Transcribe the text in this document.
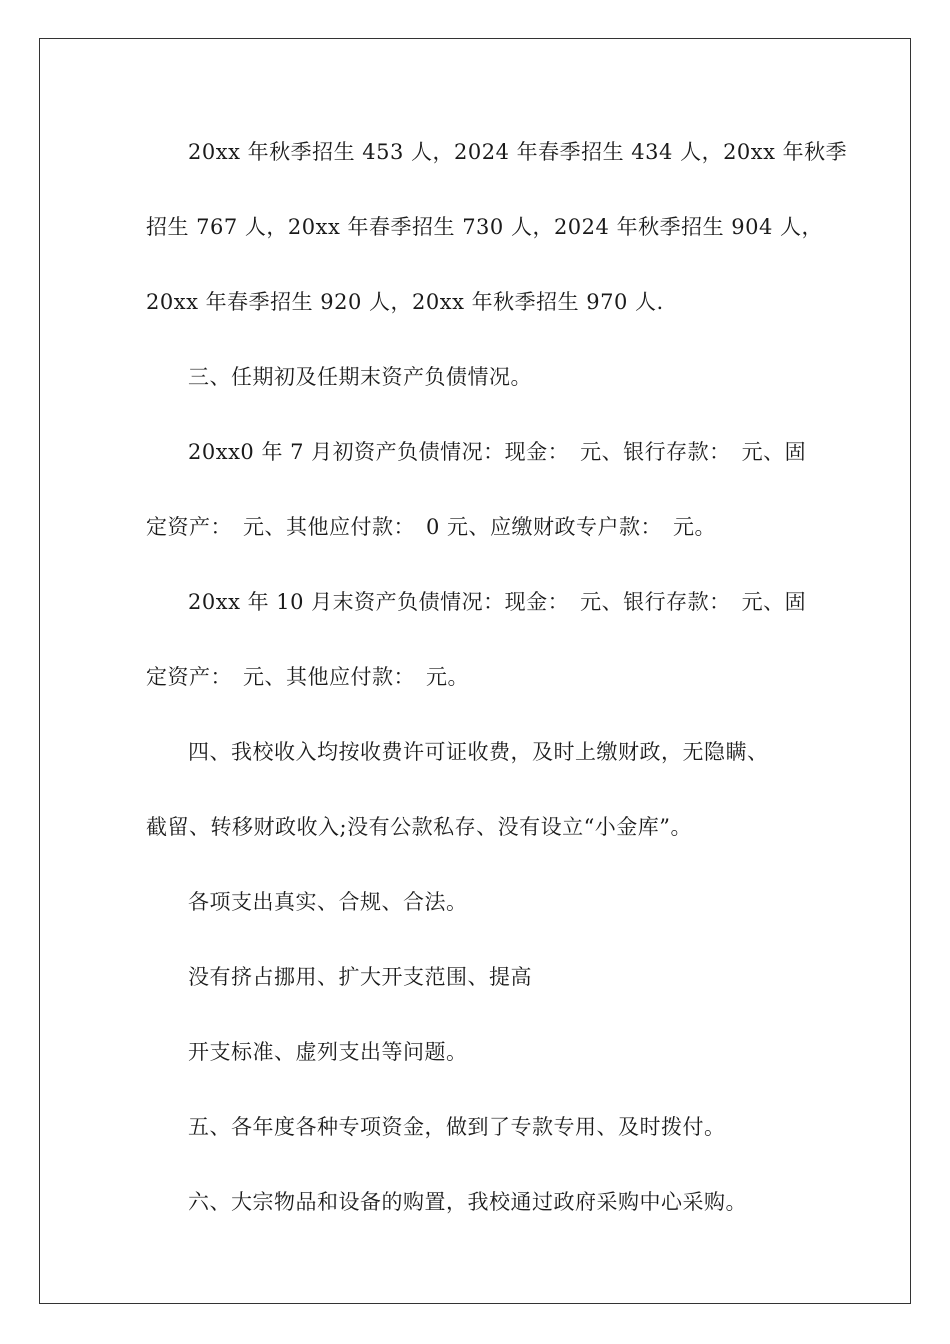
20xx 年秋季招生 453 人，2024 年春季招生 434 人，20xx 年秋季
招生 767 人，20xx 年春季招生 730 人，2024 年秋季招生 904 人，
20xx 年春季招生 920 人，20xx 年秋季招生 970 人.
三、任期初及任期末资产负债情况。
20xx0 年 7 月初资产负债情况：现金：　元、银行存款：　元、固
定资产：　元、其他应付款：　0 元、应缴财政专户款：　元。
20xx 年 10 月末资产负债情况：现金：　元、银行存款：　元、固
定资产：　元、其他应付款：　元。
四、我校收入均按收费许可证收费，及时上缴财政，无隐瞒、
截留、转移财政收入;没有公款私存、没有设立“小金库”。
各项支出真实、合规、合法。
没有挤占挪用、扩大开支范围、提高
开支标准、虚列支出等问题。
五、各年度各种专项资金，做到了专款专用、及时拨付。
六、大宗物品和设备的购置，我校通过政府采购中心采购。
